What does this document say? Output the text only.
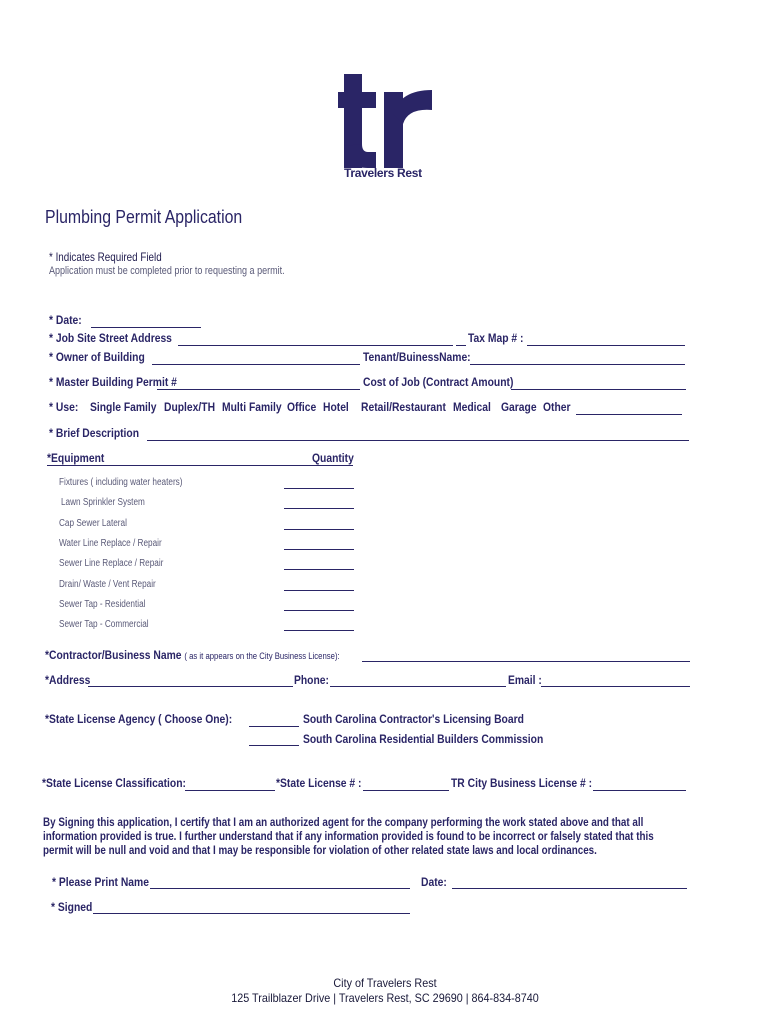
Travelers Rest
Plumbing Permit Application
* Indicates Required Field
Application must be completed prior to requesting a permit.
* Date:
* Job Site Street Address	Tax Map # :
* Owner of Building	Tenant/BuinessName:
* Master Building Permit #	Cost of Job (Contract Amount)
* Use: Single Family Duplex/TH Multi Family Office Hotel Retail/Restaurant Medical Garage Other
* Brief Description
*Equipment	Quantity
Fixtures ( including water heaters)
Lawn Sprinkler System
Cap Sewer Lateral
Water Line Replace / Repair
Sewer Line Replace / Repair
Drain/ Waste / Vent Repair
Sewer Tap - Residential
Sewer Tap - Commercial
*Contractor/Business Name ( as it appears on the City Business License):
*Address	Phone:	Email :
*State License Agency ( Choose One):	South Carolina Contractor's Licensing Board
South Carolina Residential Builders Commission
*State License Classification:	*State License # :	TR City Business License # :
By Signing this application, I certify that I am an authorized agent for the company performing the work stated above and that all
information provided is true. I further understand that if any information provided is found to be incorrect or falsely stated that this
permit will be null and void and that I may be responsible for violation of other related state laws and local ordinances.
* Please Print Name	Date:
* Signed
City of Travelers Rest
125 Trailblazer Drive | Travelers Rest, SC 29690 | 864-834-8740
